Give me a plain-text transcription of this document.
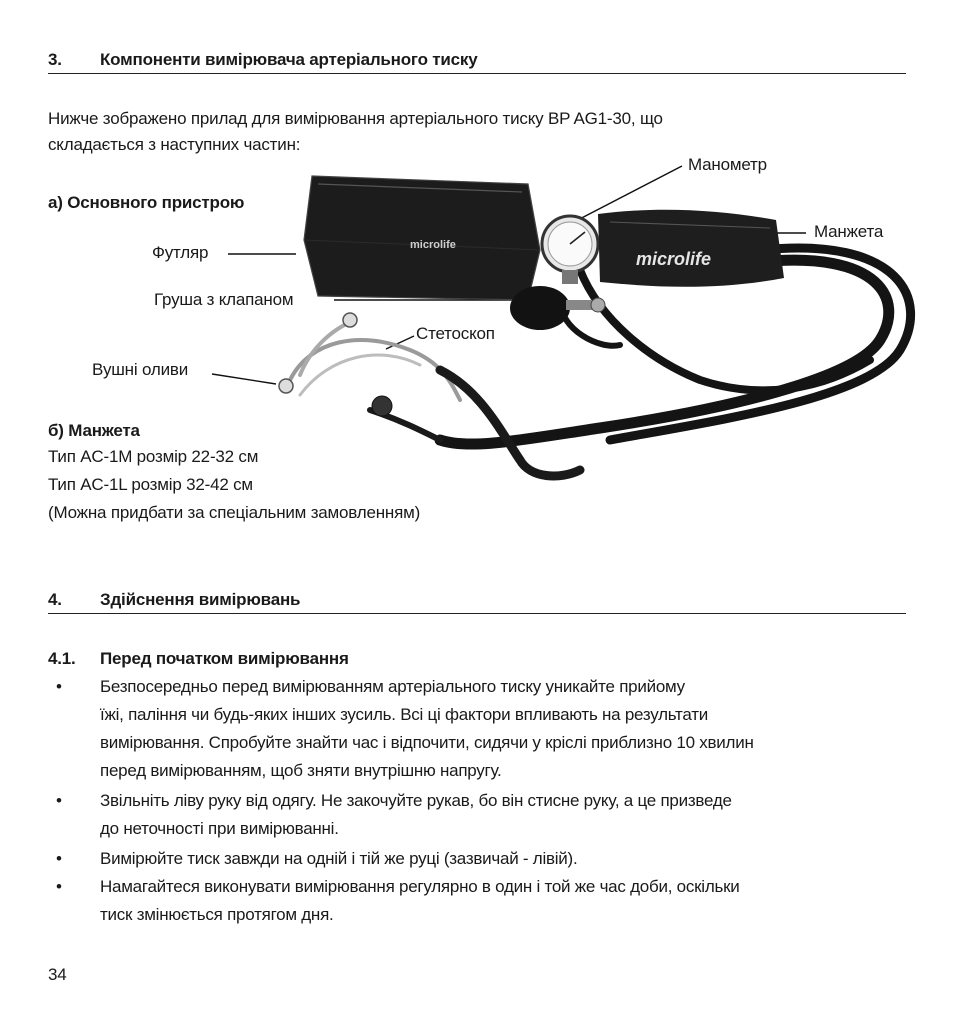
3. Компоненти вимірювача артеріального тиску
Нижче зображено прилад для вимірювання артеріального тиску BP AG1-30, що
складається з наступних частин:
microlife
microlife
а) Основного пристрою
Футляр
Груша з клапаном
Стетоскоп
Вушні оливи
Манометр
Манжета
б) Манжета
Тип AC-1M розмір 22-32 см
Тип AC-1L розмір 32-42 см
(Можна придбати за спеціальним замовленням)
4. Здійснення вимірювань
4.1. Перед початком вимірювання
• Безпосередньо перед вимірюванням артеріального тиску уникайте прийому
їжі, паління чи будь-яких інших зусиль. Всі ці фактори впливають на результати
вимірювання. Спробуйте знайти час і відпочити, сидячи у кріслі приблизно 10 хвилин
перед вимірюванням, щоб зняти внутрішню напругу.
• Звільніть ліву руку від одягу. Не закочуйте рукав, бо він стисне руку, а це призведе
до неточності при вимірюванні.
• Вимірюйте тиск завжди на одній і тій же руці (зазвичай - лівій).
• Намагайтеся виконувати вимірювання регулярно в один і той же час доби, оскільки
тиск змінюється протягом дня.
34
